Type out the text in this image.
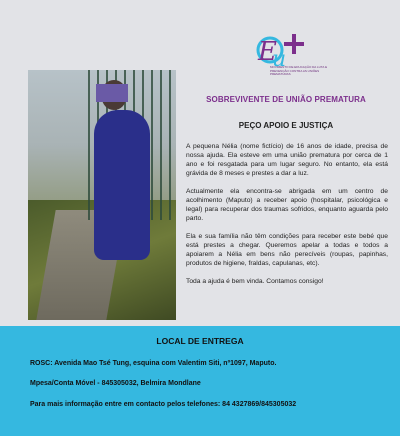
E
u
MOVIMENTO DE EDUCAÇÃO DA LUTA E PREVENÇÃO CONTRA AS UNIÕES PREMATURAS
SOBREVIVENTE DE UNIÃO PREMATURA
PEÇO APOIO E JUSTIÇA

A pequena Nélia (nome fictício) de 16 anos de idade, precisa de nossa ajuda. Ela esteve em uma união prematura por cerca de 1 ano e foi resgatada para um lugar seguro. No entanto, ela está grávida de 8 meses e prestes a dar a luz.

Actualmente ela encontra-se abrigada em um centro de acolhimento (Maputo) a receber apoio (hospitalar, psicológica e legal) para recuperar dos traumas sofridos, enquanto aguarda pelo parto.

Ela e sua família não têm condições para receber este bebé que está prestes a chegar. Queremos apelar a todas e todos a apoiarem a Nélia em bens não perecíveis (roupas, papinhas, produtos de higiene, fraldas, capulanas, etc).

Toda a ajuda é bem vinda. Contamos consigo!

LOCAL DE ENTREGA
ROSC: Avenida Mao Tsé Tung, esquina com Valentim Siti, nº1097, Maputo.
Mpesa/Conta Móvel - 845305032, Belmira Mondlane
Para mais informação entre em contacto pelos telefones: 84 4327869/845305032
